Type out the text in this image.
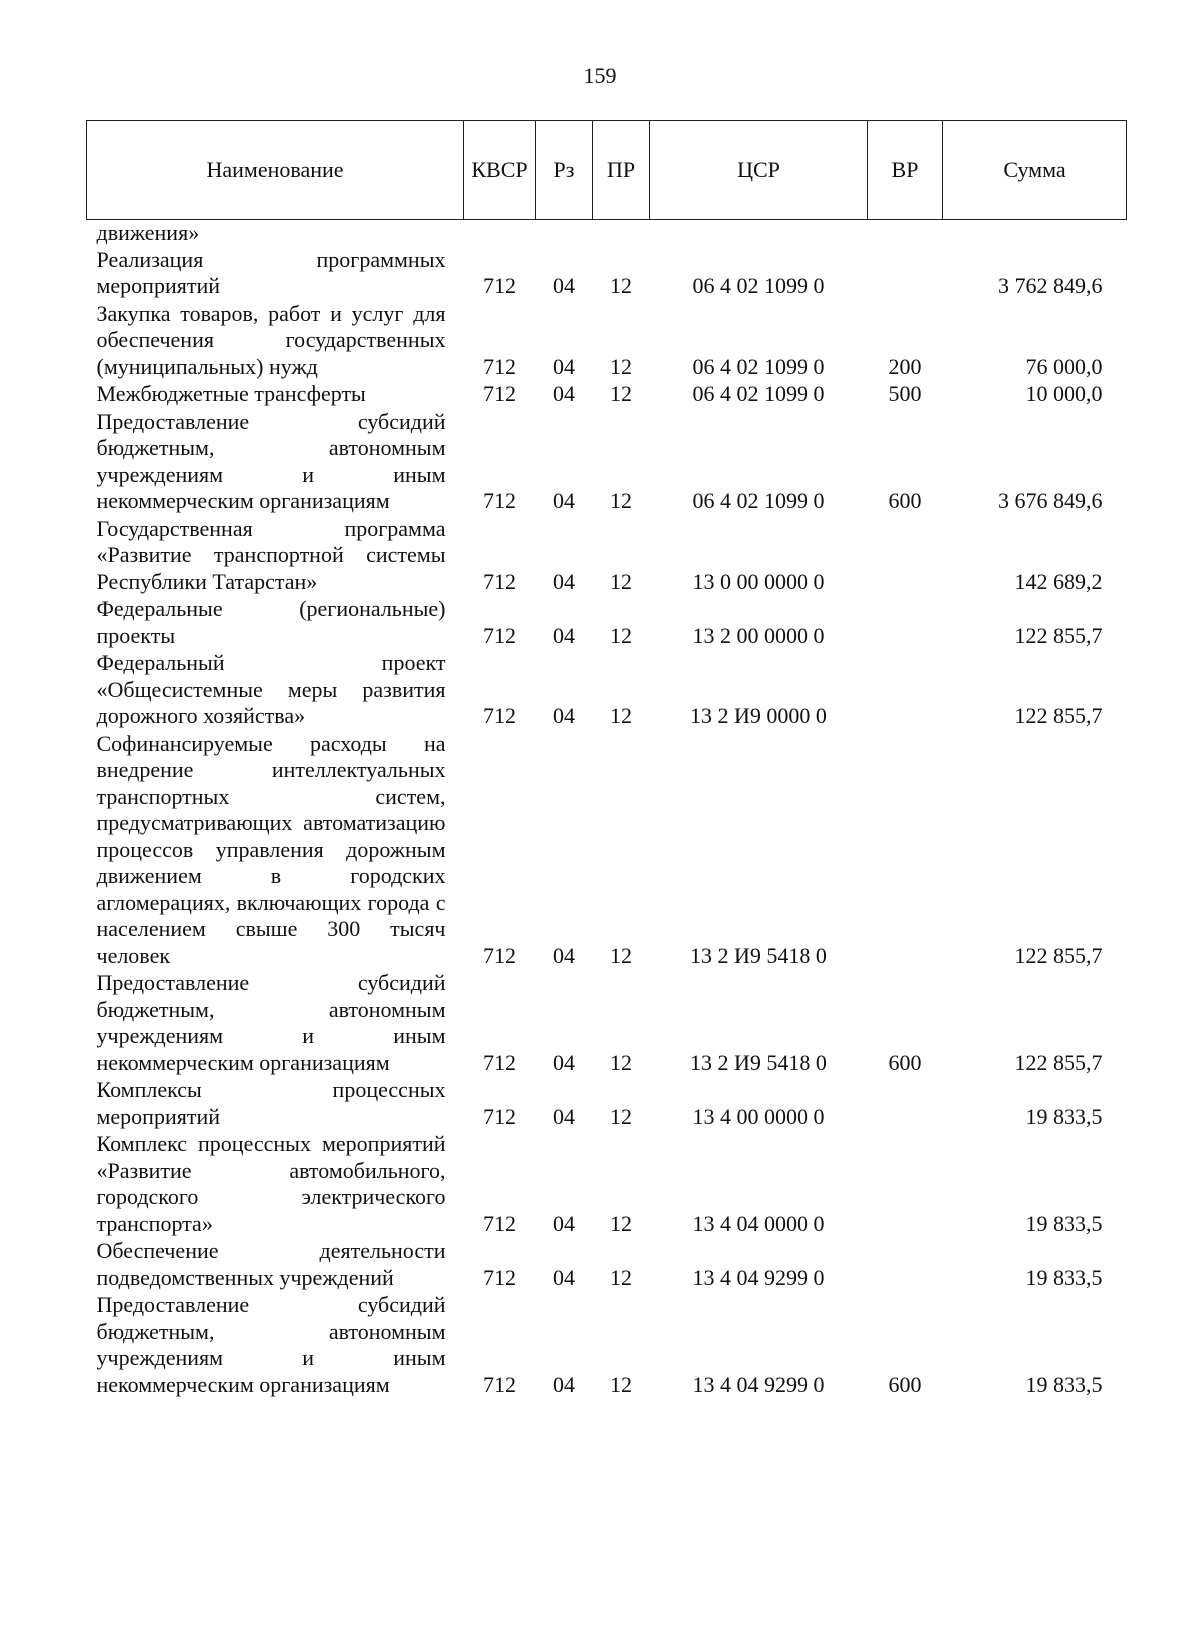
159
Наименование	КВСР	Рз	ПР	ЦСР	ВР	Сумма
движения»						
Реализация программных мероприятий	712	04	12	06 4 02 1099 0		3 762 849,6
Закупка товаров, работ и услуг для обеспечения государственных (муниципальных) нужд	712	04	12	06 4 02 1099 0	200	76 000,0
Межбюджетные трансферты	712	04	12	06 4 02 1099 0	500	10 000,0
Предоставление субсидий бюджетным, автономным учреждениям и иным некоммерческим организациям	712	04	12	06 4 02 1099 0	600	3 676 849,6
Государственная программа «Развитие транспортной системы Республики Татарстан»	712	04	12	13 0 00 0000 0		142 689,2
Федеральные (региональные) проекты	712	04	12	13 2 00 0000 0		122 855,7
Федеральный проект «Общесистемные меры развития дорожного хозяйства»	712	04	12	13 2 И9 0000 0		122 855,7
Софинансируемые расходы на внедрение интеллектуальных транспортных систем, предусматривающих автоматизацию процессов управления дорожным движением в городских агломерациях, включающих города с населением свыше 300 тысяч человек	712	04	12	13 2 И9 5418 0		122 855,7
Предоставление субсидий бюджетным, автономным учреждениям и иным некоммерческим организациям	712	04	12	13 2 И9 5418 0	600	122 855,7
Комплексы процессных мероприятий	712	04	12	13 4 00 0000 0		19 833,5
Комплекс процессных мероприятий «Развитие автомобильного, городского электрического транспорта»	712	04	12	13 4 04 0000 0		19 833,5
Обеспечение деятельности подведомственных учреждений	712	04	12	13 4 04 9299 0		19 833,5
Предоставление субсидий бюджетным, автономным учреждениям и иным некоммерческим организациям	712	04	12	13 4 04 9299 0	600	19 833,5
